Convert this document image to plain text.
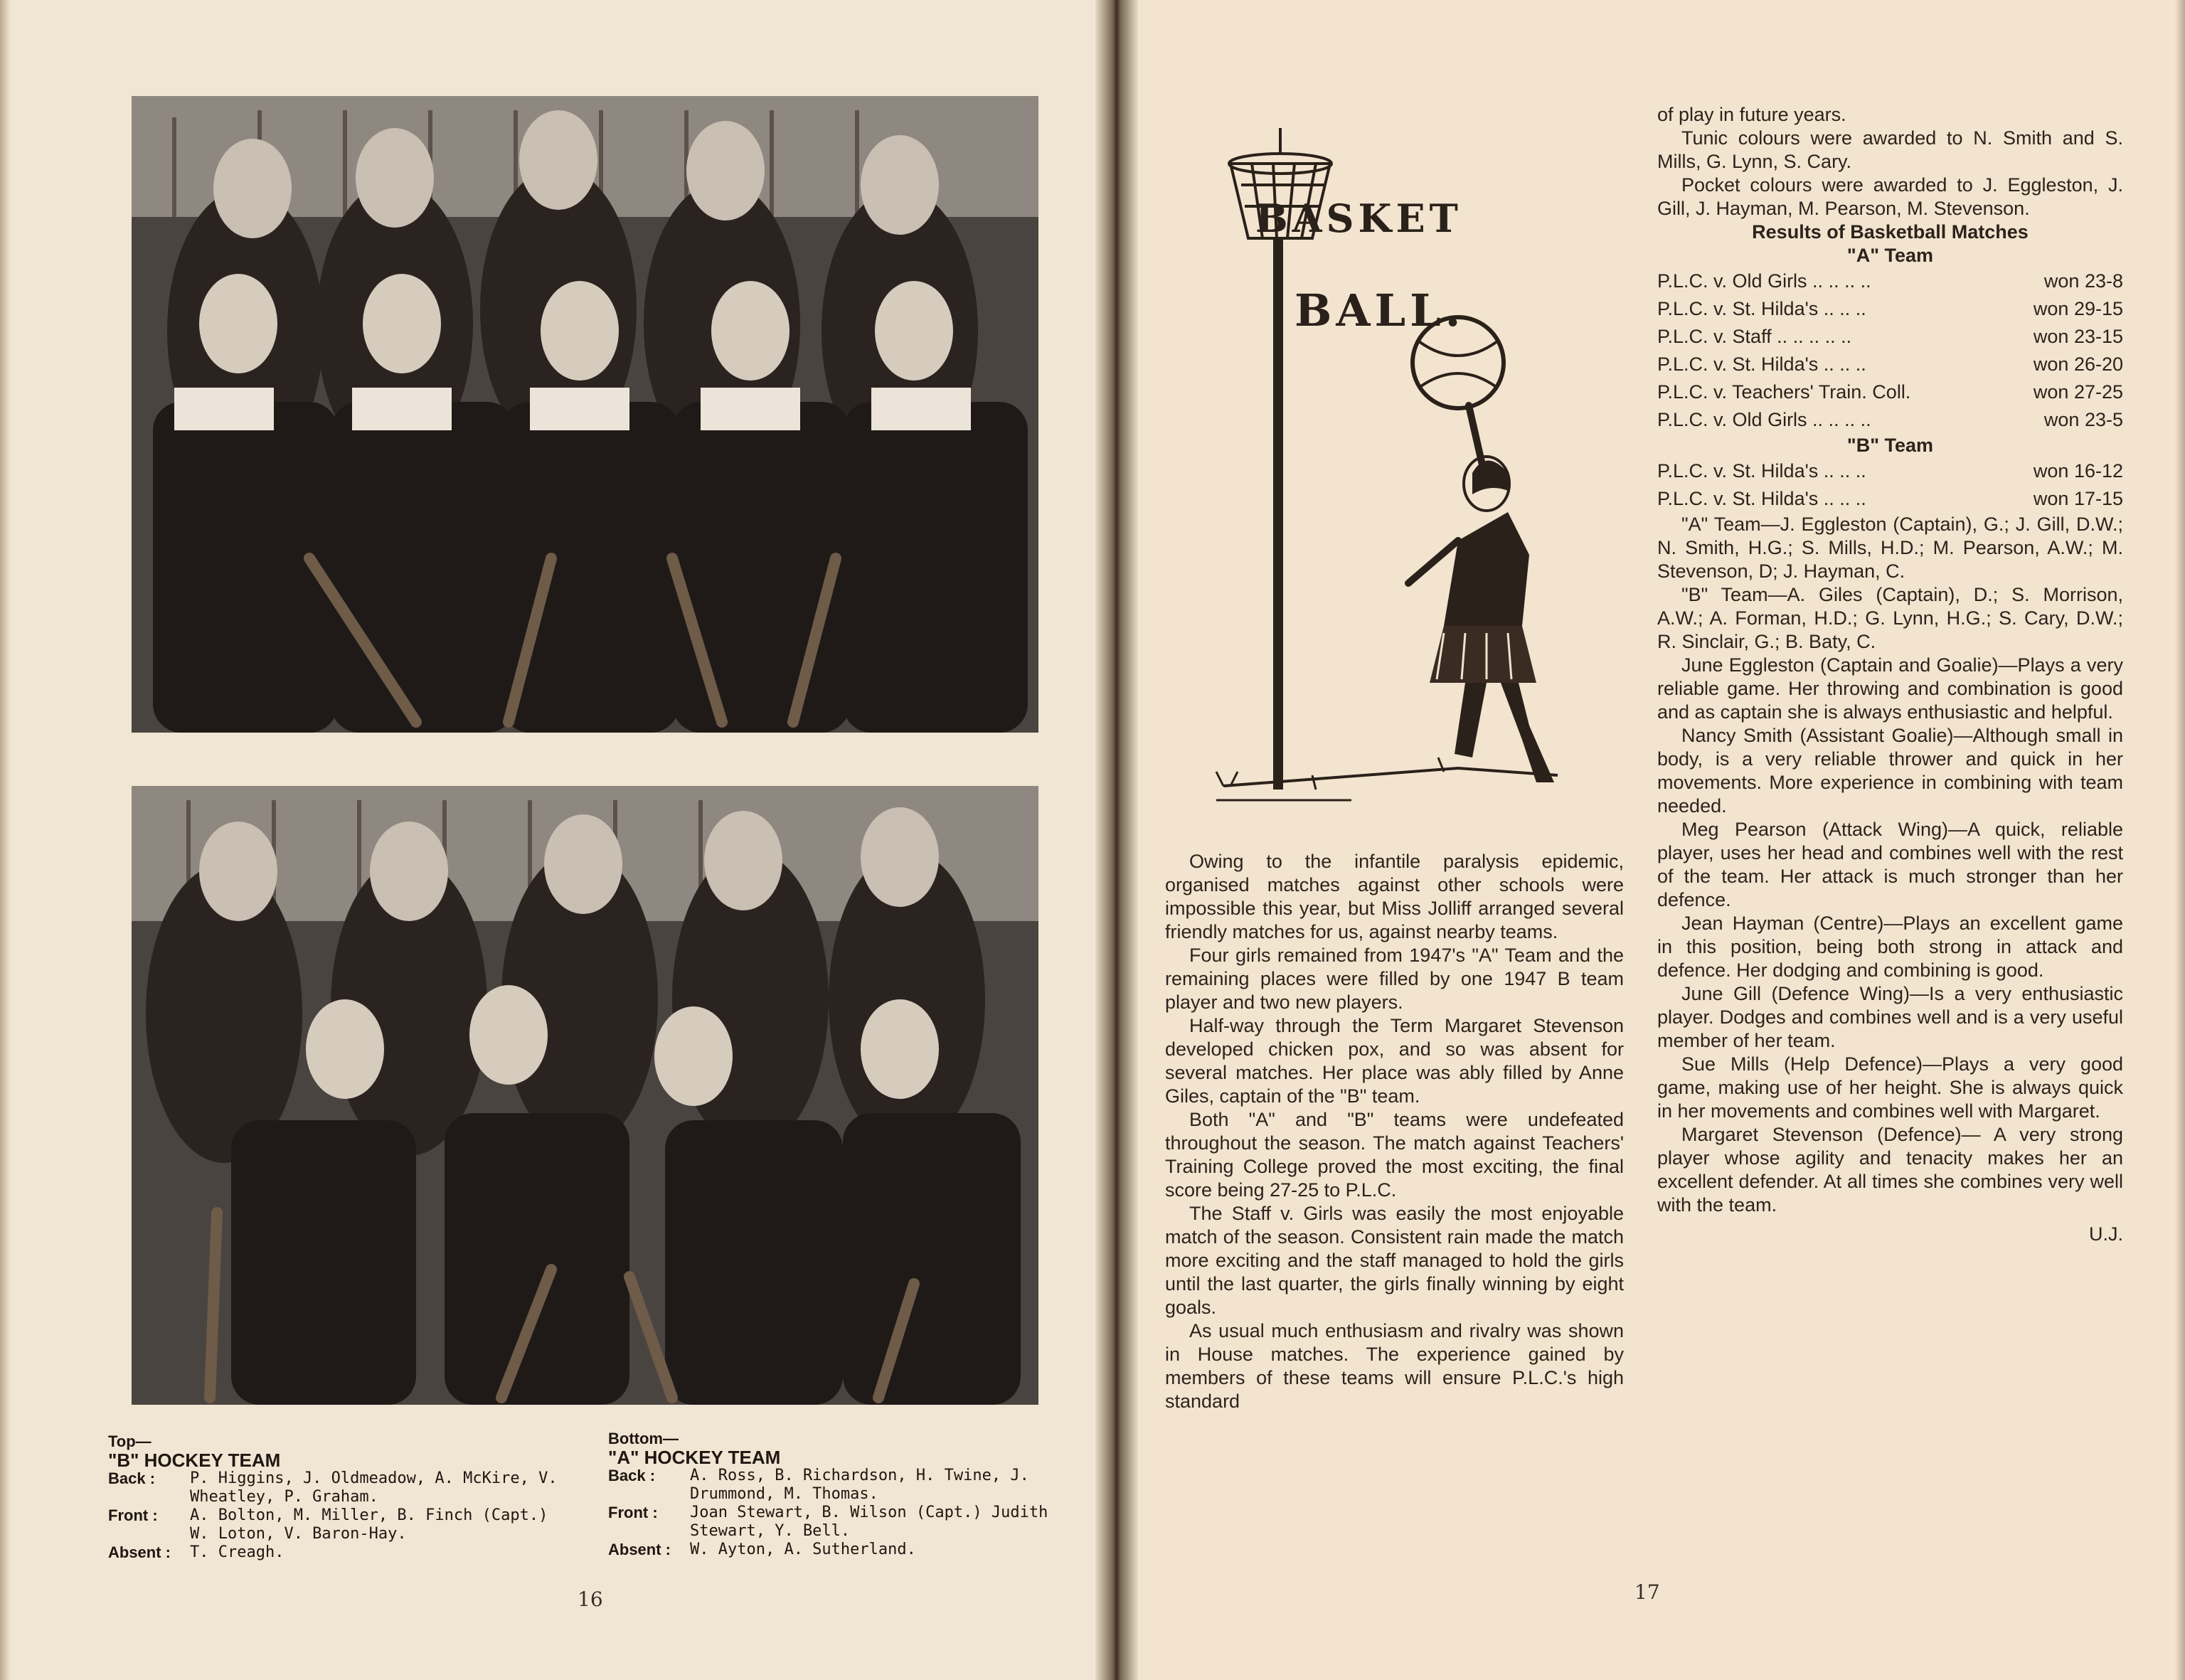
Top—
"B" HOCKEY TEAM
Back :	P. Higgins, J. Oldmeadow, A. McKire, V. Wheatley, P. Graham.
Front :	A. Bolton, M. Miller, B. Finch (Capt.) W. Loton, V. Baron-Hay.
Absent :	T. Creagh.
Bottom—
"A" HOCKEY TEAM
Back :	A. Ross, B. Richardson, H. Twine, J. Drummond, M. Thomas.
Front :	Joan Stewart, B. Wilson (Capt.) Judith Stewart, Y. Bell.
Absent :	W. Ayton, A. Sutherland.
16
BASKET
BALL.

Owing to the infantile paralysis epidemic, organised matches against other schools were impossible this year, but Miss Jolliff arranged several friendly matches for us, against nearby teams.

Four girls remained from 1947's "A" Team and the remaining places were filled by one 1947 B team player and two new players.

Half-way through the Term Margaret Stevenson developed chicken pox, and so was absent for several matches. Her place was ably filled by Anne Giles, captain of the "B" team.

Both "A" and "B" teams were undefeated throughout the season. The match against Teachers' Training College proved the most exciting, the final score being 27-25 to P.L.C.

The Staff v. Girls was easily the most enjoyable match of the season. Consistent rain made the match more exciting and the staff managed to hold the girls until the last quarter, the girls finally winning by eight goals.

As usual much enthusiasm and rivalry was shown in House matches. The experience gained by members of these teams will ensure P.L.C.'s high standard

of play in future years.

Tunic colours were awarded to N. Smith and S. Mills, G. Lynn, S. Cary.

Pocket colours were awarded to J. Eggleston, J. Gill, J. Hayman, M. Pearson, M. Stevenson.

Results of Basketball Matches

"A" Team

P.L.C. v. Old Girls .. .. .. ..	won 23-8
P.L.C. v. St. Hilda's .. .. ..	won 29-15
P.L.C. v. Staff .. .. .. .. ..	won 23-15
P.L.C. v. St. Hilda's .. .. ..	won 26-20
P.L.C. v. Teachers' Train. Coll.	won 27-25
P.L.C. v. Old Girls .. .. .. ..	won 23-5

"B" Team

P.L.C. v. St. Hilda's .. .. ..	won 16-12
P.L.C. v. St. Hilda's .. .. ..	won 17-15

"A" Team—J. Eggleston (Captain), G.; J. Gill, D.W.; N. Smith, H.G.; S. Mills, H.D.; M. Pearson, A.W.; M. Stevenson, D; J. Hayman, C.

"B" Team—A. Giles (Captain), D.; S. Morrison, A.W.; A. Forman, H.D.; G. Lynn, H.G.; S. Cary, D.W.; R. Sinclair, G.; B. Baty, C.

June Eggleston (Captain and Goalie)—Plays a very reliable game. Her throwing and combination is good and as captain she is always enthusiastic and helpful.

Nancy Smith (Assistant Goalie)—Although small in body, is a very reliable thrower and quick in her movements. More experience in combining with team needed.

Meg Pearson (Attack Wing)—A quick, reliable player, uses her head and combines well with the rest of the team. Her attack is much stronger than her defence.

Jean Hayman (Centre)—Plays an excellent game in this position, being both strong in attack and defence. Her dodging and combining is good.

June Gill (Defence Wing)—Is a very enthusiastic player. Dodges and combines well and is a very useful member of her team.

Sue Mills (Help Defence)—Plays a very good game, making use of her height. She is always quick in her movements and combines well with Margaret.

Margaret Stevenson (Defence)— A very strong player whose agility and tenacity makes her an excellent defender. At all times she combines very well with the team.

U.J.

17
